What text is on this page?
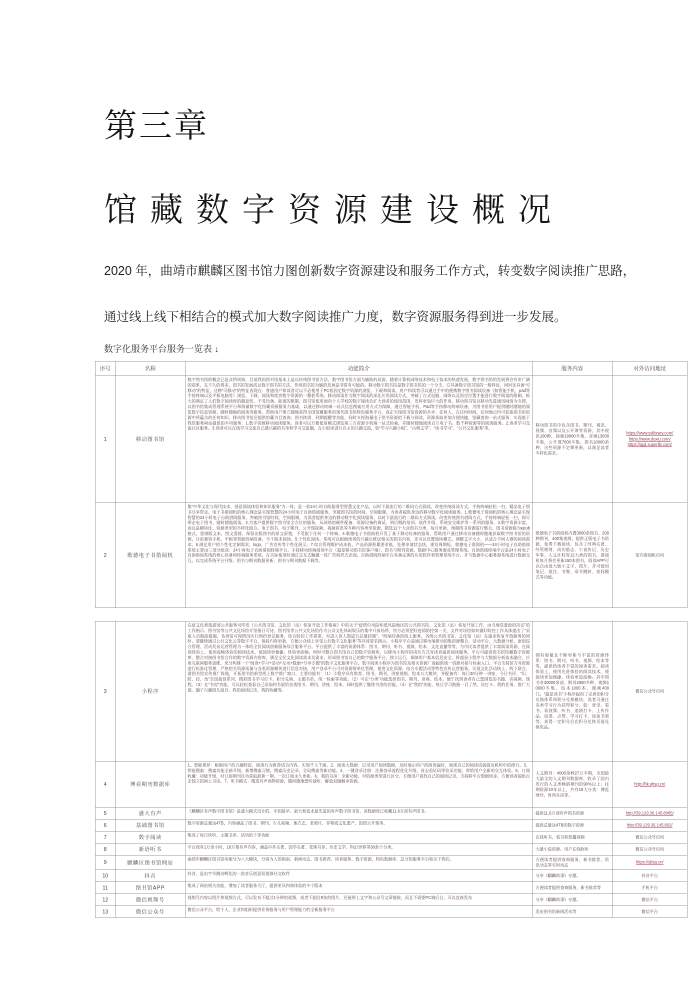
第三章
馆藏数字资源建设概况

2020 年，曲靖市麒麟区图书馆力图创新数字资源建设和服务工作方式，转变数字阅读推广思路，

通过线上线下相结合的模式加大数字阅读推广力度，数字资源服务得到进一步发展。

数字化服务平台服务一览表 ↓
序号	名称	功能简介	服务内容	对外访问地址
1	移动图书馆	数字图书馆的概念已是众所周知，目前我国图书馆基本上是以传统图书馆方法，数字图书馆方面为辅助的局面，随着计算机网络技术和电子技术的快速发展，数字图书馆的发展将会有更广阔的前景，在不久的将来，图书馆发展成以数字图书馆方法，传统图书馆为辅的发展是非常有可能的。移动数字图书馆是数字图书馆的一个分支，它具备数字图书馆的一般特征，同时还具备“可移动”的特征，这种“可移动”的特征表现在：普通用户和读者可以不必使用于PC机固定数字资源的浏览、下载和阅读，用户和读者可以通过手中的便携数字图书阅读设备（如智能手机、pad等手持终端以及平板电脑等）浏览、下载、阅读和欣赏数字资源的一整套系统。移动阅读作为数字阅读的深化应用阅读方式，突破了台式电脑、网络以及固定位置才能进行数字阅读的限制，极大的满足了人们数字阅读时的随意性，不受设备、距离的限制，图书馆使用面向个人学校的数字阅读会扩大读者的使用范围，发挥更加巨大的作用。移动图书馆以移动先进通讯网络为支撑，以图书馆集成管理系统平台和海量数字化馆藏资源服务为基础，以通过移动终端一站式信息搜索应用方式为保障，通过智能手机、Pad等手持移动终端设备，为图书馆用户提供随时随地的阅览数字信息资源、随时随地的阅读等服务，帮助用户建立随地获得全国馆藏服务的现代图书馆特色服务平台，真正实现图书馆资源的共享：任何人，在任何时间，任何地点均可获取图书馆资源中所蕴含的任何知识。移动图书馆还提供馆藏书目查询、图书续借、到期提醒等功能，同时支持海量电子图书资源的下载与阅读，资源获取更加方便快捷，馆藏查询一站式服务，实现基于我馆服务网站提供的多项服务：1.数字资源移动阅读服务。读者可以方便使用模式浏览第三方资源手机端一站式检索，并随时随地阅读百万电子书、数千种资源等的阅读服务。2.读者学习交流社区服务。3.读者可以在线学习交流自己感兴趣的书单和学习交流圈，在小组里进行自主的兴趣交流，如“学习兴趣小组”、“古典文学”、“读书学习”、“公共文化服务”等。	移动图书馆中包含图书、期刊、视讯、视频、音频以及公开课等资源，其中视讯100种，视频19000多集，音频13000多集，公开课7000多集，图书10000余种，这些资源不定期更新，以满足读者多样化需求。	
https://www.sslibrary.com/
https://www.duxiu.com/
https://qjql.superlib.com/

2	歌德电子书借阅机	集“中华文化与现代技术、创意阅读体验和知识服务”为一体，是一款24小时自助服务型智慧文化产品，以时下最流行的二维码方式阅读，改变传统阅读方式，手持终端轻松一扫，精品电子图书尽享带走。电子书借阅机的核心理念是实现智慧的24小时电子自助借阅服务，突破图书馆的时间、空间限制，为读者提供身边的移动数字化阅读服务。1.歌德电子借阅机的核心理念是实现智慧的24小时电子自助借阅服务，突破图书馆时间、空间限制，为读者提供身边的移动数字化阅读服务，以时下最流行的二维码方式阅读，改变传统图书借阅方式，手持终端轻松一扫，即可带走电子图书，随时随地阅读。2.为客户提供数字图书馆全方位的服务，从网络的硬件配备、资源设备的调试、到后期的培训、软件升级、系统安全维护等一系列的服务。3.数字资源丰富，而且是模块化、资源类型的多样化组合。电子图书、电子期刊、公开课视频、视频资讯等多种内容类型资源，精选12个大众图书分类，每月更新，预制图书资源进行整合，图书资源都为epub格式，重排版文本，图文混排，保留出版图书的原文原貌，不受限于任何一个终端。4.歌德电子书借阅机开发了基于移动设备的服务，帮助用户通过移动设备随时随地获取数字图书馆的资源，目前兼容手机、平板等智能终端设备，多个版本阅读。5.个性化阅读。系统可以根据读者的兴趣点推送相关的图书内容，还可以设置阅读模式，调整文字大小，以适合不同人群的阅读需求。6.满足用户的个性化定制需求，logo、广告宣传等个性化展示。7.综合管理维护成本低，产品资源积累要求低，处理申请状态快，建设周期短。歌德电子借阅机——24小时电子自助借阅系统主要由三部分组成：24小时电子自助借阅终端平台、手持移动终端阅读平台（超星移动图书馆客户端）、图书与期刊资源、数据中心服务器及管理系统。自助借阅终端平台是24小时电子自助借阅系统的核心设备和终端服务系统，在实际使用时通过交互式触摸一体广告机形式出现。自助借阅终端平台具备完善的应用软件和管理系统平台，并与数据中心服务器系统进行数据交互，以完成系统平台升级、图书与期刊数据更新、图书与期刊数据下载等。	歌德电子书借阅机内置3000余图书、200种期刊、400集视频，提供正版电子书资源，免费下载阅读，包含了经典名著、经管理财、成功励志、小说传记、历史军事、人文社科等12大类的图书，借阅机每月将会更新150本图书，阅读APP可以自由放大缩小文字、图片，并可使用笔记、批注、书签、章节跳转、夜间模式等功能。	馆内借阅机访问
3	小程序	在疫文化和旅游部公共服务司印发《公共图书馆、文化馆（站）恢复开放工作指南》中的关于“疫情中风险和低风险地区的公共图书馆、文化馆（站）恢复开放工作，由当地党委政府决定”的工作指示。图书馆等公共文化场馆开馆指日可待，图书馆等公共文化场馆作为公众文化休闲娱乐的集中开放场所，馆方必须把好疫情防控第一关，文件对场馆如何做好防控工作具体提出了“采取人员限流措施，各场馆可视情况实行预约登记服务，结合防控工作需要，对进入馆人数进行总量控制”、“终端设备的线上服务，各级公共图书馆、文化馆（站）在逐步恢复开放服务的同时，要继续通过公共文化云等数字平台，保持内容更新，方便公众线上享受公共数字文化服务”等具体要求指示。小程序平台是通过移动端推动的集资源整合、活动平台、大数据分析、原创综合管理、活动发布运营管理为一体的全民阅读创新服务综合服务平台。平台提供了丰富的资源体系：图书、期刊、听书、视频、绘本、文化直播等等，为市民读者提供了丰富阅读资源，在阅读体验上，使用流畅体验的阅读技术，使阅读更便捷、体验更流畅。同时可整合图书馆自己的数字资源库，以移动小程序的岗位方式对读者提供阅读服务。平台可提供图书馆馆藏数字资源库、整合对接图书馆合作的数字资源内容库，满足全民文化阅读需求及需求，形成图书馆自己的数字服务平台，独立运行，保障用户基本信息安全。将超星小程序与大数据分析技术融合，应用互联网服务思维，充分构建一个“阅读+学习+活动+互动+数据+分享专题”的数字文化服务平台。数字阅读小程序为图书馆及相关资源厂商提供统一资源对接与检索入口。平台支持馆方对资源进行标准化管理，严格把关资源质量与各类资源模块进行信息对接，用户登录平台可对资源简单化管理，使用文化资源，结合专题活动等特色宣传运营服务。实现文化活动线上、线下联合，借图书馆宣传推广阵地，开拓图书馆新型线上数字推广窗口。主要功能有：（1）小程序具有推荐、图书、期刊、讲座视频、绘本五大模块，并配备有：每日30分钟一讲座、今日书评、“识、防、控、治”全国战役系列、精彩图书学习打卡、积分兑换、主题书单，统一检索等功能。（2）可在“分类”功能选择图书、期刊、讲座、绘本，便于找到读者自己想浏览的书籍、音视频、课程。（3）在“书房”功能，可以轻松查看自己添加到书架的各类图书、期刊、讲座、绘本，同时提供了继续书房的功能。（4）在“我的”功能，每日学习数据一目了然，设打卡、我的任务、推广大使、圈子兴趣班儿组目、我的阅读记录、我的收藏等。	拥有海量且不断更新与丰富的资源体系：图书、期刊、听书、视频、绘本等等，提供给读者丰富的阅读需求。阅读体验上，使用先进体验的阅读技术，使阅读更加便捷、体验更加流畅。其中图书有30000余部、期刊2000多种、视频10000多集、绘本1000本、漫画400门。“超星读书”小程序提供了完善的积分兑换体系和积分兑换模块，读者可通过各类学习行为获得积分，如：登录、看书、看视频、听书、追剧打卡、上传作品、投票、点赞、学习打卡、添加书架等，获得一定积分后在积分兑换页面兑换奖品。	
微信公众号访问

4	博看期刊数据库	1、智能推荐：根据用户的兴趣特征，阅读行为推荐适合内容，实现千人千面。2、阅读大数据：记录用户阅读数据，及时展示用户的阅读偏好，展现自己的阅读成就值及机构中的排行。3、智能搜索：搜索功能全新升级，新增搜索习惯，搜索历史记录，全局搜索等新功能。4、一键登录注册：注册登录流程优化升级，省去验证码等验证功能，带给用户全新的交互体验。5、订阅收藏：功能升级，对订阅期刊自动获取最新一期，一次订阅永久更新。6、我的书房：全新功能，对资源类型进行区分，方便用户查找自己的阅读记录，支持跨平台数据同步，方便读者提供点击独立的网上书房。7、听书模式：精选有声读物资源，随时随地想听就听，解放双眼畅享资源。	人文期刊：4000余种27万多期，全国最大最全的人文期刊数据库，收录了国内发行的人文类畅销期刊的90%以上；往期资源10年以上，共有15大分类：博览财经、时尚生活等。	http://bk.qltsg.cn/

5	盛大有声	《麒麟区有声数字图书馆》是盛大模式设计的，中国最早、最大和技术最先进的有声数字图书馆，该数据库已收藏11.6万部有声图书。	提供11.6万部有声图书资源	http://39.129.36.145:8085/

6	基础图书馆	数字资源总量达4TB，内容涵盖了图书、期刊、少儿视频、地方志、老照片、非物质文化遗产、国图公开课等。	提供总量达4TB的数字资源	http://39.129.36.145:802/

7	数字阅读	集成了每日快听、主题书单、活动的十等功能	在线听书、看书和热播视频	微信公众号访问

8	新语听书	平台现有1万余小时，18万集有声内容，涵盖中外名著、国学名著、党建书单、历史文学、科幻世界等30余个分类。	大量小说资源。用户在线收听	微信公众号访问

9	麒麟区图书馆网站	曲靖市麒麟区图书馆功能分为八大模块，分别为入馆指南、新闻动态、图书推荐、读者服务、数字资源、特色数据库、总分馆服务平台和关于我们。	方便读者提供查询服务，新书推荐，资讯动态等实时动态	https://qltsg.cn/

10	抖音	抖音，是由字节跳动孵化的一款音乐创意短视频社交软件	分享《麒麟故事》专题。	抖音平台

11	图书馆APP	集成了网站相关功能，增加了读者服务大厅，提供更具和谐体验的多个版本	方便读者提供查询服务，新书推荐等	手机平台

12	微信视频号	视频号内容以图片和视频方式，可以发布不超过1分钟的视频，或者不超过9张的图片，还能带上文字和公众号文章链接，而且不需要PC端后台，可以直接发布	分享《麒麟故事》专题。	微信平台

13	微信公众号	微信公众平台，给个人、企业和组织提供业务服务与用户管理能力的全新服务平台	发布图书馆新闻活动等	微信平台
